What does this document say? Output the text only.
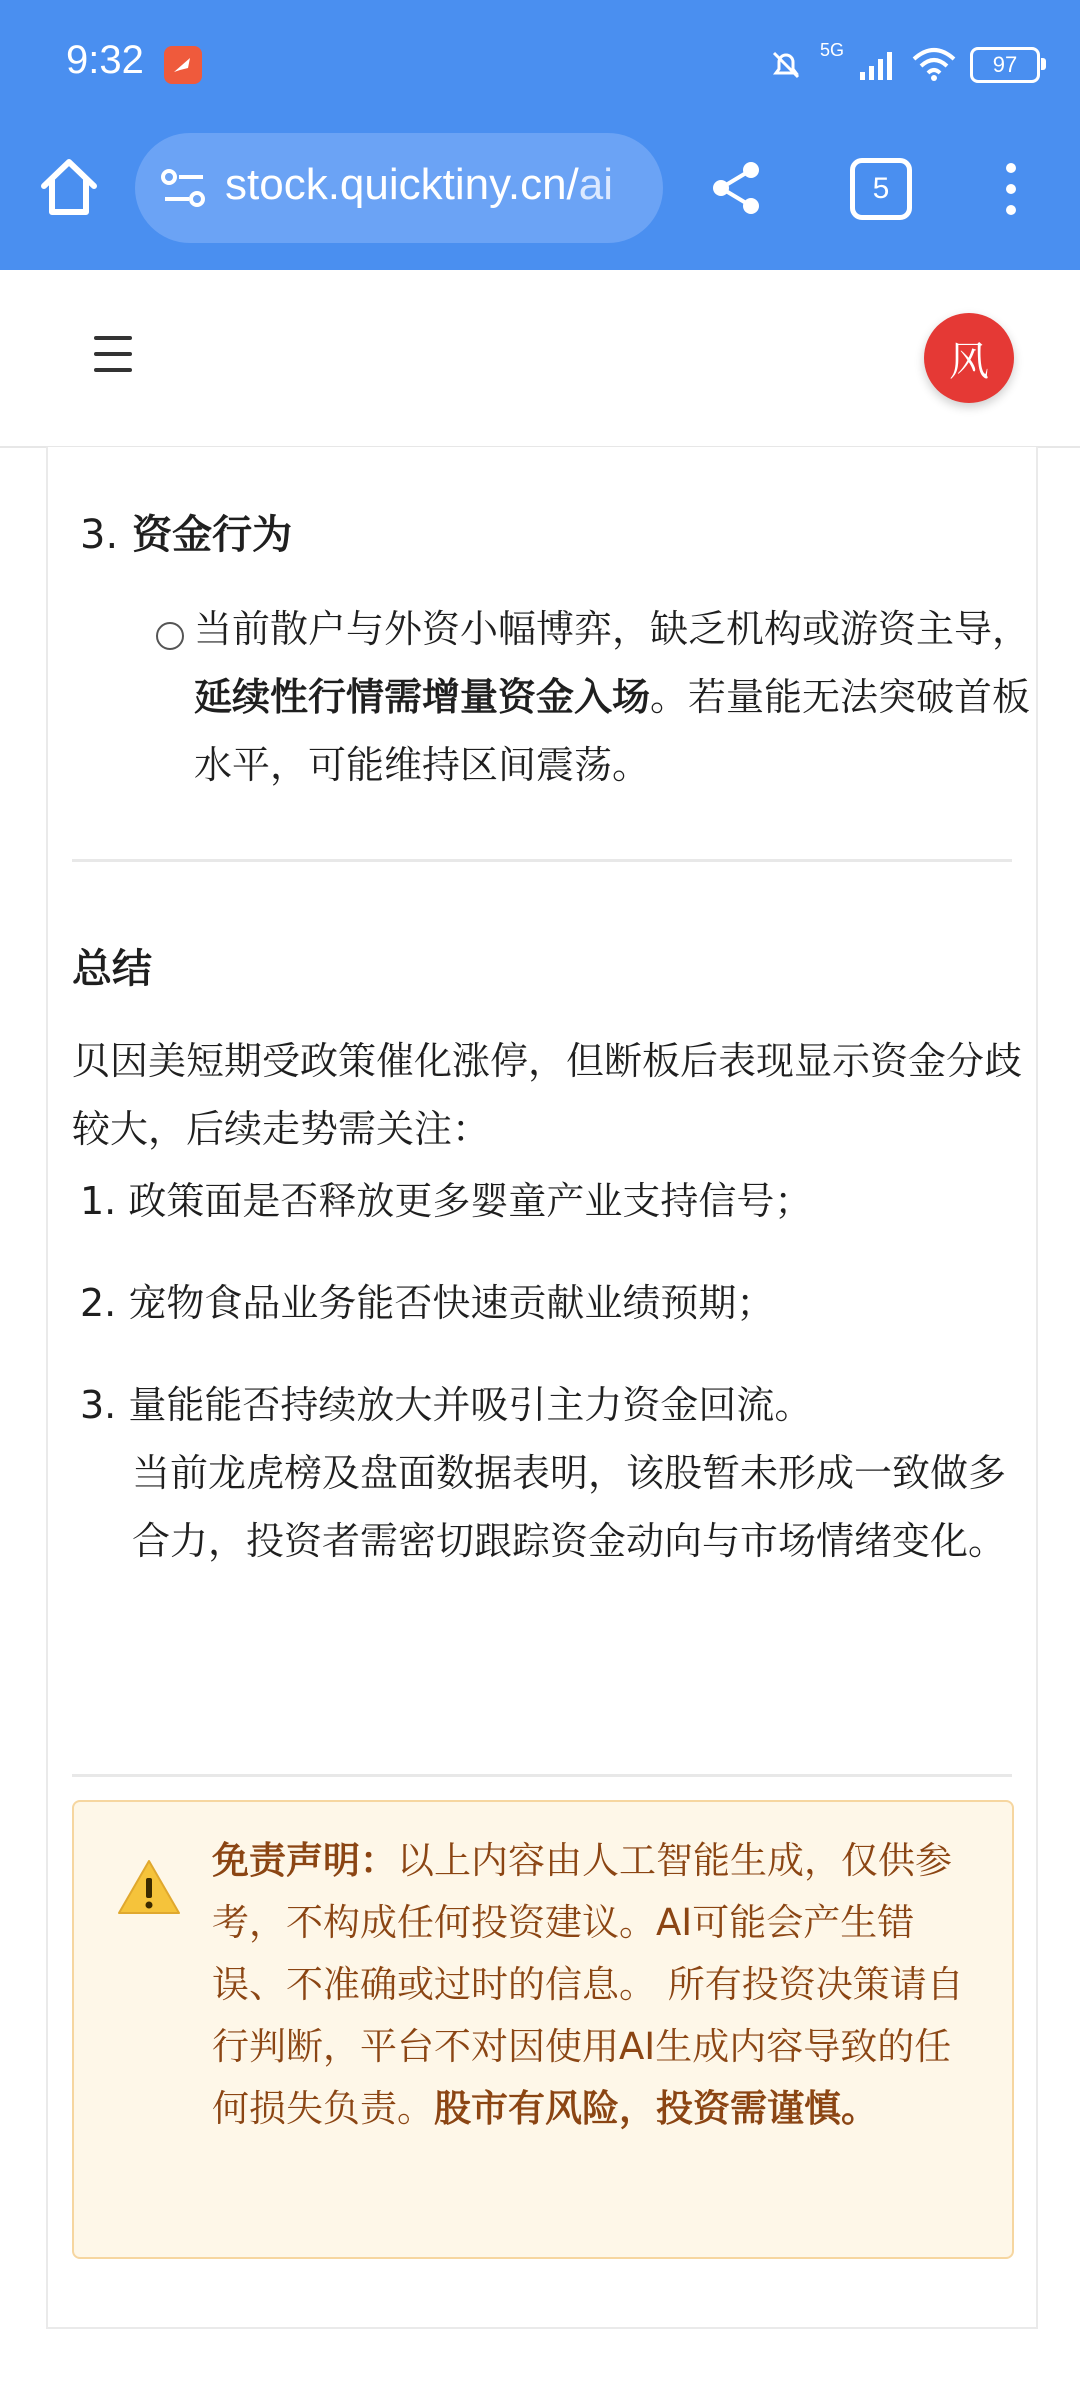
9:32	5G
97
stock.quicktiny.cn/ai	5
风
3. 资金行为
当前散户与外资小幅博弈，缺乏机构或游资主导，延续性行情需增量资金入场。若量能无法突破首板水平，可能维持区间震荡。
总结
贝因美短期受政策催化涨停，但断板后表现显示资金分歧较大，后续走势需关注：
1. 政策面是否释放更多婴童产业支持信号；
2. 宠物食品业务能否快速贡献业绩预期；
3. 量能能否持续放大并吸引主力资金回流。
当前龙虎榜及盘面数据表明，该股暂未形成一致做多合力，投资者需密切跟踪资金动向与市场情绪变化。
免责声明：以上内容由人工智能生成，仅供参考，不构成任何投资建议。AI可能会产生错误、不准确或过时的信息。 所有投资决策请自行判断，平台不对因使用AI生成内容导致的任何损失负责。股市有风险，投资需谨慎。
